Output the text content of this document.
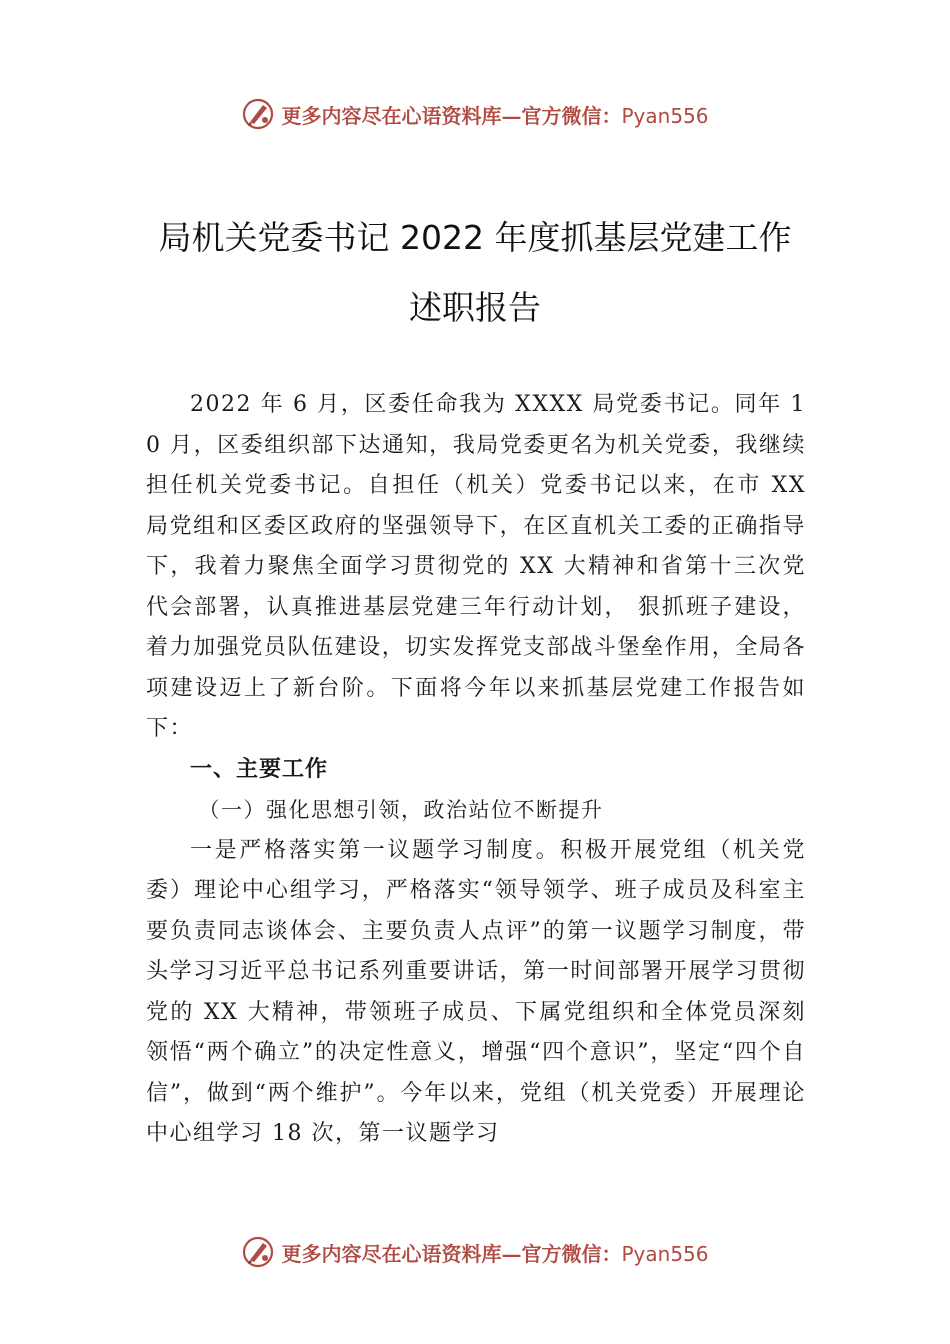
更多内容尽在心语资料库—官方微信：Pyan556
局机关党委书记 2022 年度抓基层党建工作
述职报告

2022 年 6 月，区委任命我为 XXXX 局党委书记。同年 10 月，区委组织部下达通知，我局党委更名为机关党委，我继续担任机关党委书记。自担任（机关）党委书记以来，在市 XX 局党组和区委区政府的坚强领导下，在区直机关工委的正确指导下，我着力聚焦全面学习贯彻党的 XX 大精神和省第十三次党代会部署，认真推进基层党建三年行动计划， 狠抓班子建设，着力加强党员队伍建设，切实发挥党支部战斗堡垒作用，全局各项建设迈上了新台阶。下面将今年以来抓基层党建工作报告如下：

一、主要工作

（一）强化思想引领，政治站位不断提升

一是严格落实第一议题学习制度。积极开展党组（机关党委）理论中心组学习，严格落实“领导领学、班子成员及科室主要负责同志谈体会、主要负责人点评”的第一议题学习制度，带头学习习近平总书记系列重要讲话，第一时间部署开展学习贯彻党的 XX 大精神，带领班子成员、下属党组织和全体党员深刻领悟“两个确立”的决定性意义，增强“四个意识”，坚定“四个自信”，做到“两个维护”。今年以来，党组（机关党委）开展理论中心组学习 18 次，第一议题学习

更多内容尽在心语资料库—官方微信：Pyan556
